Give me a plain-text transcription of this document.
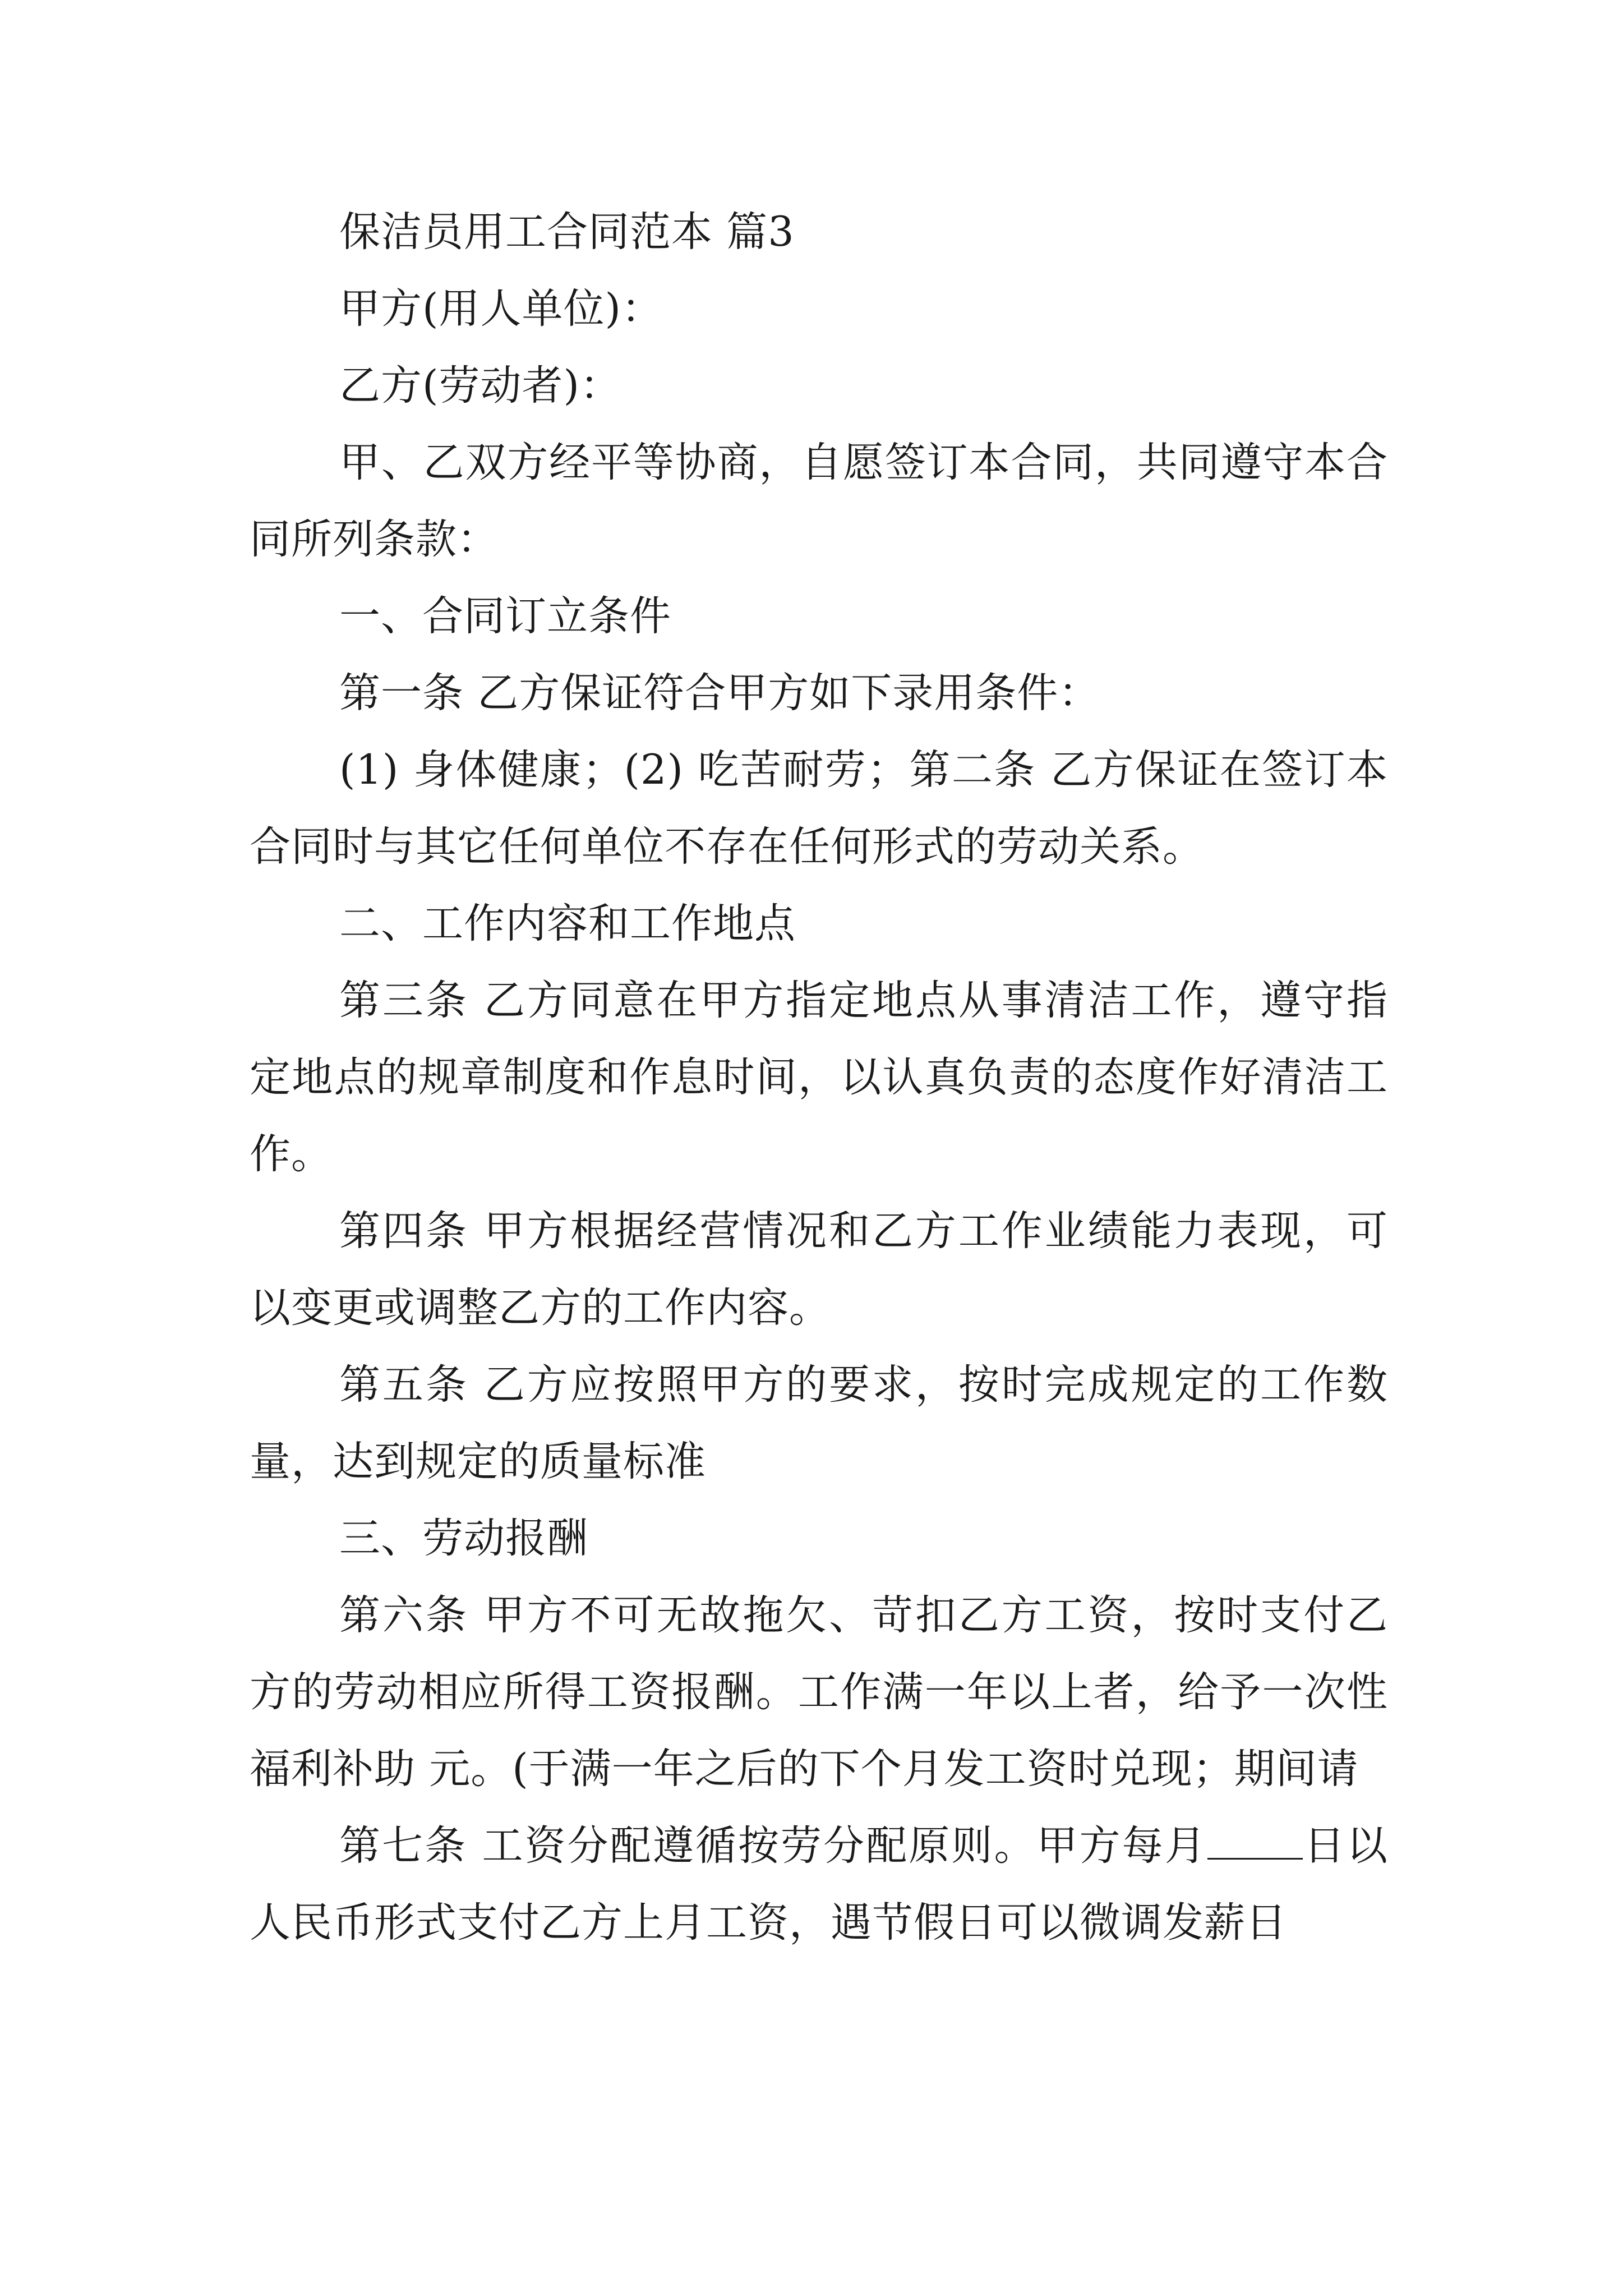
保洁员用工合同范本 篇3

甲方(用人单位)：

乙方(劳动者)：

甲、乙双方经平等协商，自愿签订本合同，共同遵守本合同所列条款：

一、合同订立条件

第一条 乙方保证符合甲方如下录用条件：

(1) 身体健康；(2) 吃苦耐劳；第二条 乙方保证在签订本合同时与其它任何单位不存在任何形式的劳动关系。

二、工作内容和工作地点

第三条 乙方同意在甲方指定地点从事清洁工作，遵守指定地点的规章制度和作息时间，以认真负责的态度作好清洁工作。

第四条 甲方根据经营情况和乙方工作业绩能力表现，可以变更或调整乙方的工作内容。

第五条 乙方应按照甲方的要求，按时完成规定的工作数量，达到规定的质量标准

三、劳动报酬

第六条 甲方不可无故拖欠、苛扣乙方工资，按时支付乙方的劳动相应所得工资报酬。工作满一年以上者，给予一次性福利补助 元。(于满一年之后的下个月发工资时兑现；期间请

第七条 工资分配遵循按劳分配原则。甲方每月 日以人民币形式支付乙方上月工资，遇节假日可以微调发薪日
